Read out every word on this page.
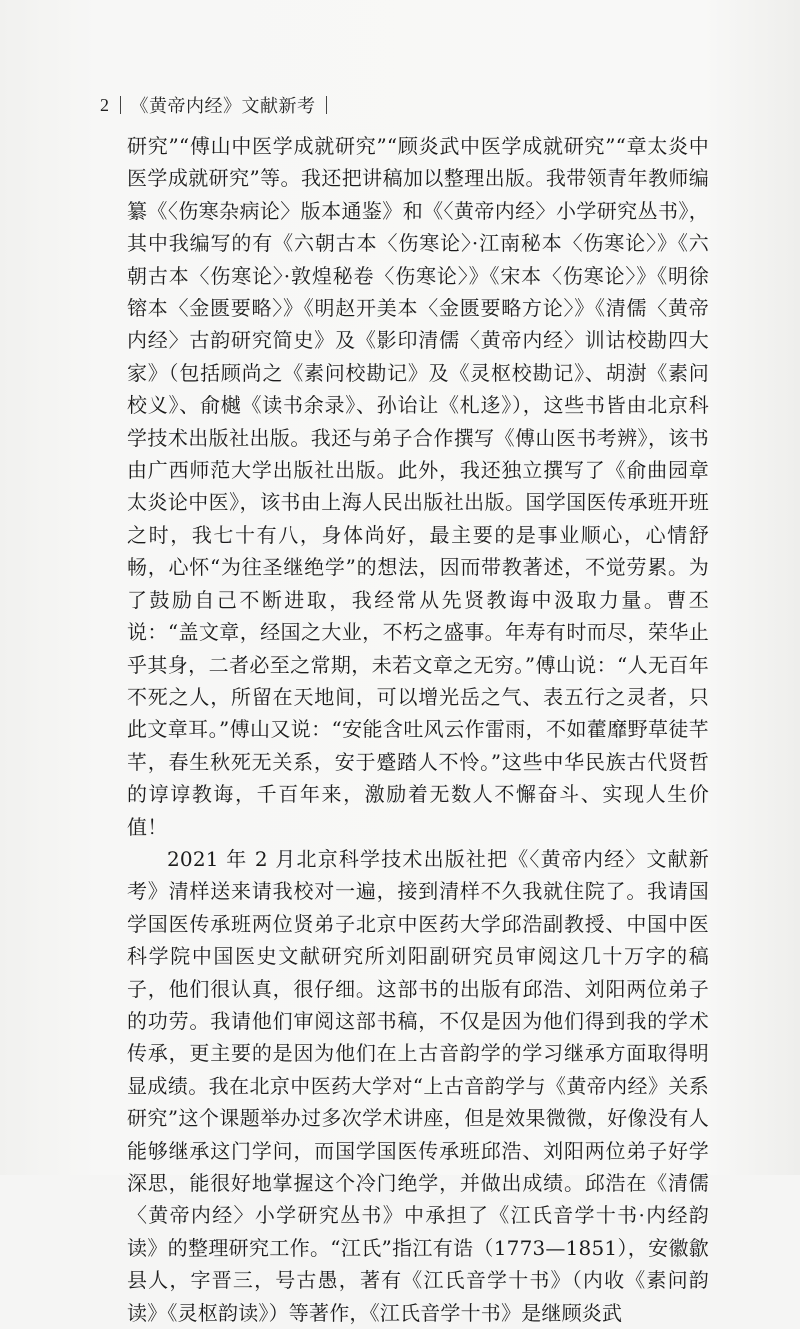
2 《黄帝内经》文献新考

研究”“傅山中医学成就研究”“顾炎武中医学成就研究”“章太炎中医学成就研究”等。我还把讲稿加以整理出版。我带领青年教师编纂《〈伤寒杂病论〉版本通鉴》和《〈黄帝内经〉小学研究丛书》，其中我编写的有《六朝古本〈伤寒论〉·江南秘本〈伤寒论〉》《六朝古本〈伤寒论〉·敦煌秘卷〈伤寒论〉》《宋本〈伤寒论〉》《明徐镕本〈金匮要略〉》《明赵开美本〈金匮要略方论〉》《清儒〈黄帝内经〉古韵研究简史》及《影印清儒〈黄帝内经〉训诂校勘四大家》（包括顾尚之《素问校勘记》及《灵枢校勘记》、胡澍《素问校义》、俞樾《读书余录》、孙诒让《札迻》），这些书皆由北京科学技术出版社出版。我还与弟子合作撰写《傅山医书考辨》，该书由广西师范大学出版社出版。此外，我还独立撰写了《俞曲园章太炎论中医》，该书由上海人民出版社出版。国学国医传承班开班之时，我七十有八，身体尚好，最主要的是事业顺心，心情舒畅，心怀“为往圣继绝学”的想法，因而带教著述，不觉劳累。为了鼓励自己不断进取，我经常从先贤教诲中汲取力量。曹丕说：“盖文章，经国之大业，不朽之盛事。年寿有时而尽，荣华止乎其身，二者必至之常期，未若文章之无穷。”傅山说：“人无百年不死之人，所留在天地间，可以增光岳之气、表五行之灵者，只此文章耳。”傅山又说：“安能含吐风云作雷雨，不如藿靡野草徒芊芊，春生秋死无关系，安于蹙踏人不怜。”这些中华民族古代贤哲的谆谆教诲，千百年来，激励着无数人不懈奋斗、实现人生价值！

2021 年 2 月北京科学技术出版社把《〈黄帝内经〉文献新考》清样送来请我校对一遍，接到清样不久我就住院了。我请国学国医传承班两位贤弟子北京中医药大学邱浩副教授、中国中医科学院中国医史文献研究所刘阳副研究员审阅这几十万字的稿子，他们很认真，很仔细。这部书的出版有邱浩、刘阳两位弟子的功劳。我请他们审阅这部书稿，不仅是因为他们得到我的学术传承，更主要的是因为他们在上古音韵学的学习继承方面取得明显成绩。我在北京中医药大学对“上古音韵学与《黄帝内经》关系研究”这个课题举办过多次学术讲座，但是效果微微，好像没有人能够继承这门学问，而国学国医传承班邱浩、刘阳两位弟子好学深思，能很好地掌握这个冷门绝学，并做出成绩。邱浩在《清儒〈黄帝内经〉小学研究丛书》中承担了《江氏音学十书·内经韵读》的整理研究工作。“江氏”指江有诰（1773—1851），安徽歙县人，字晋三，号古愚，著有《江氏音学十书》（内收《素问韵读》《灵枢韵读》）等著作，《江氏音学十书》是继顾炎武
